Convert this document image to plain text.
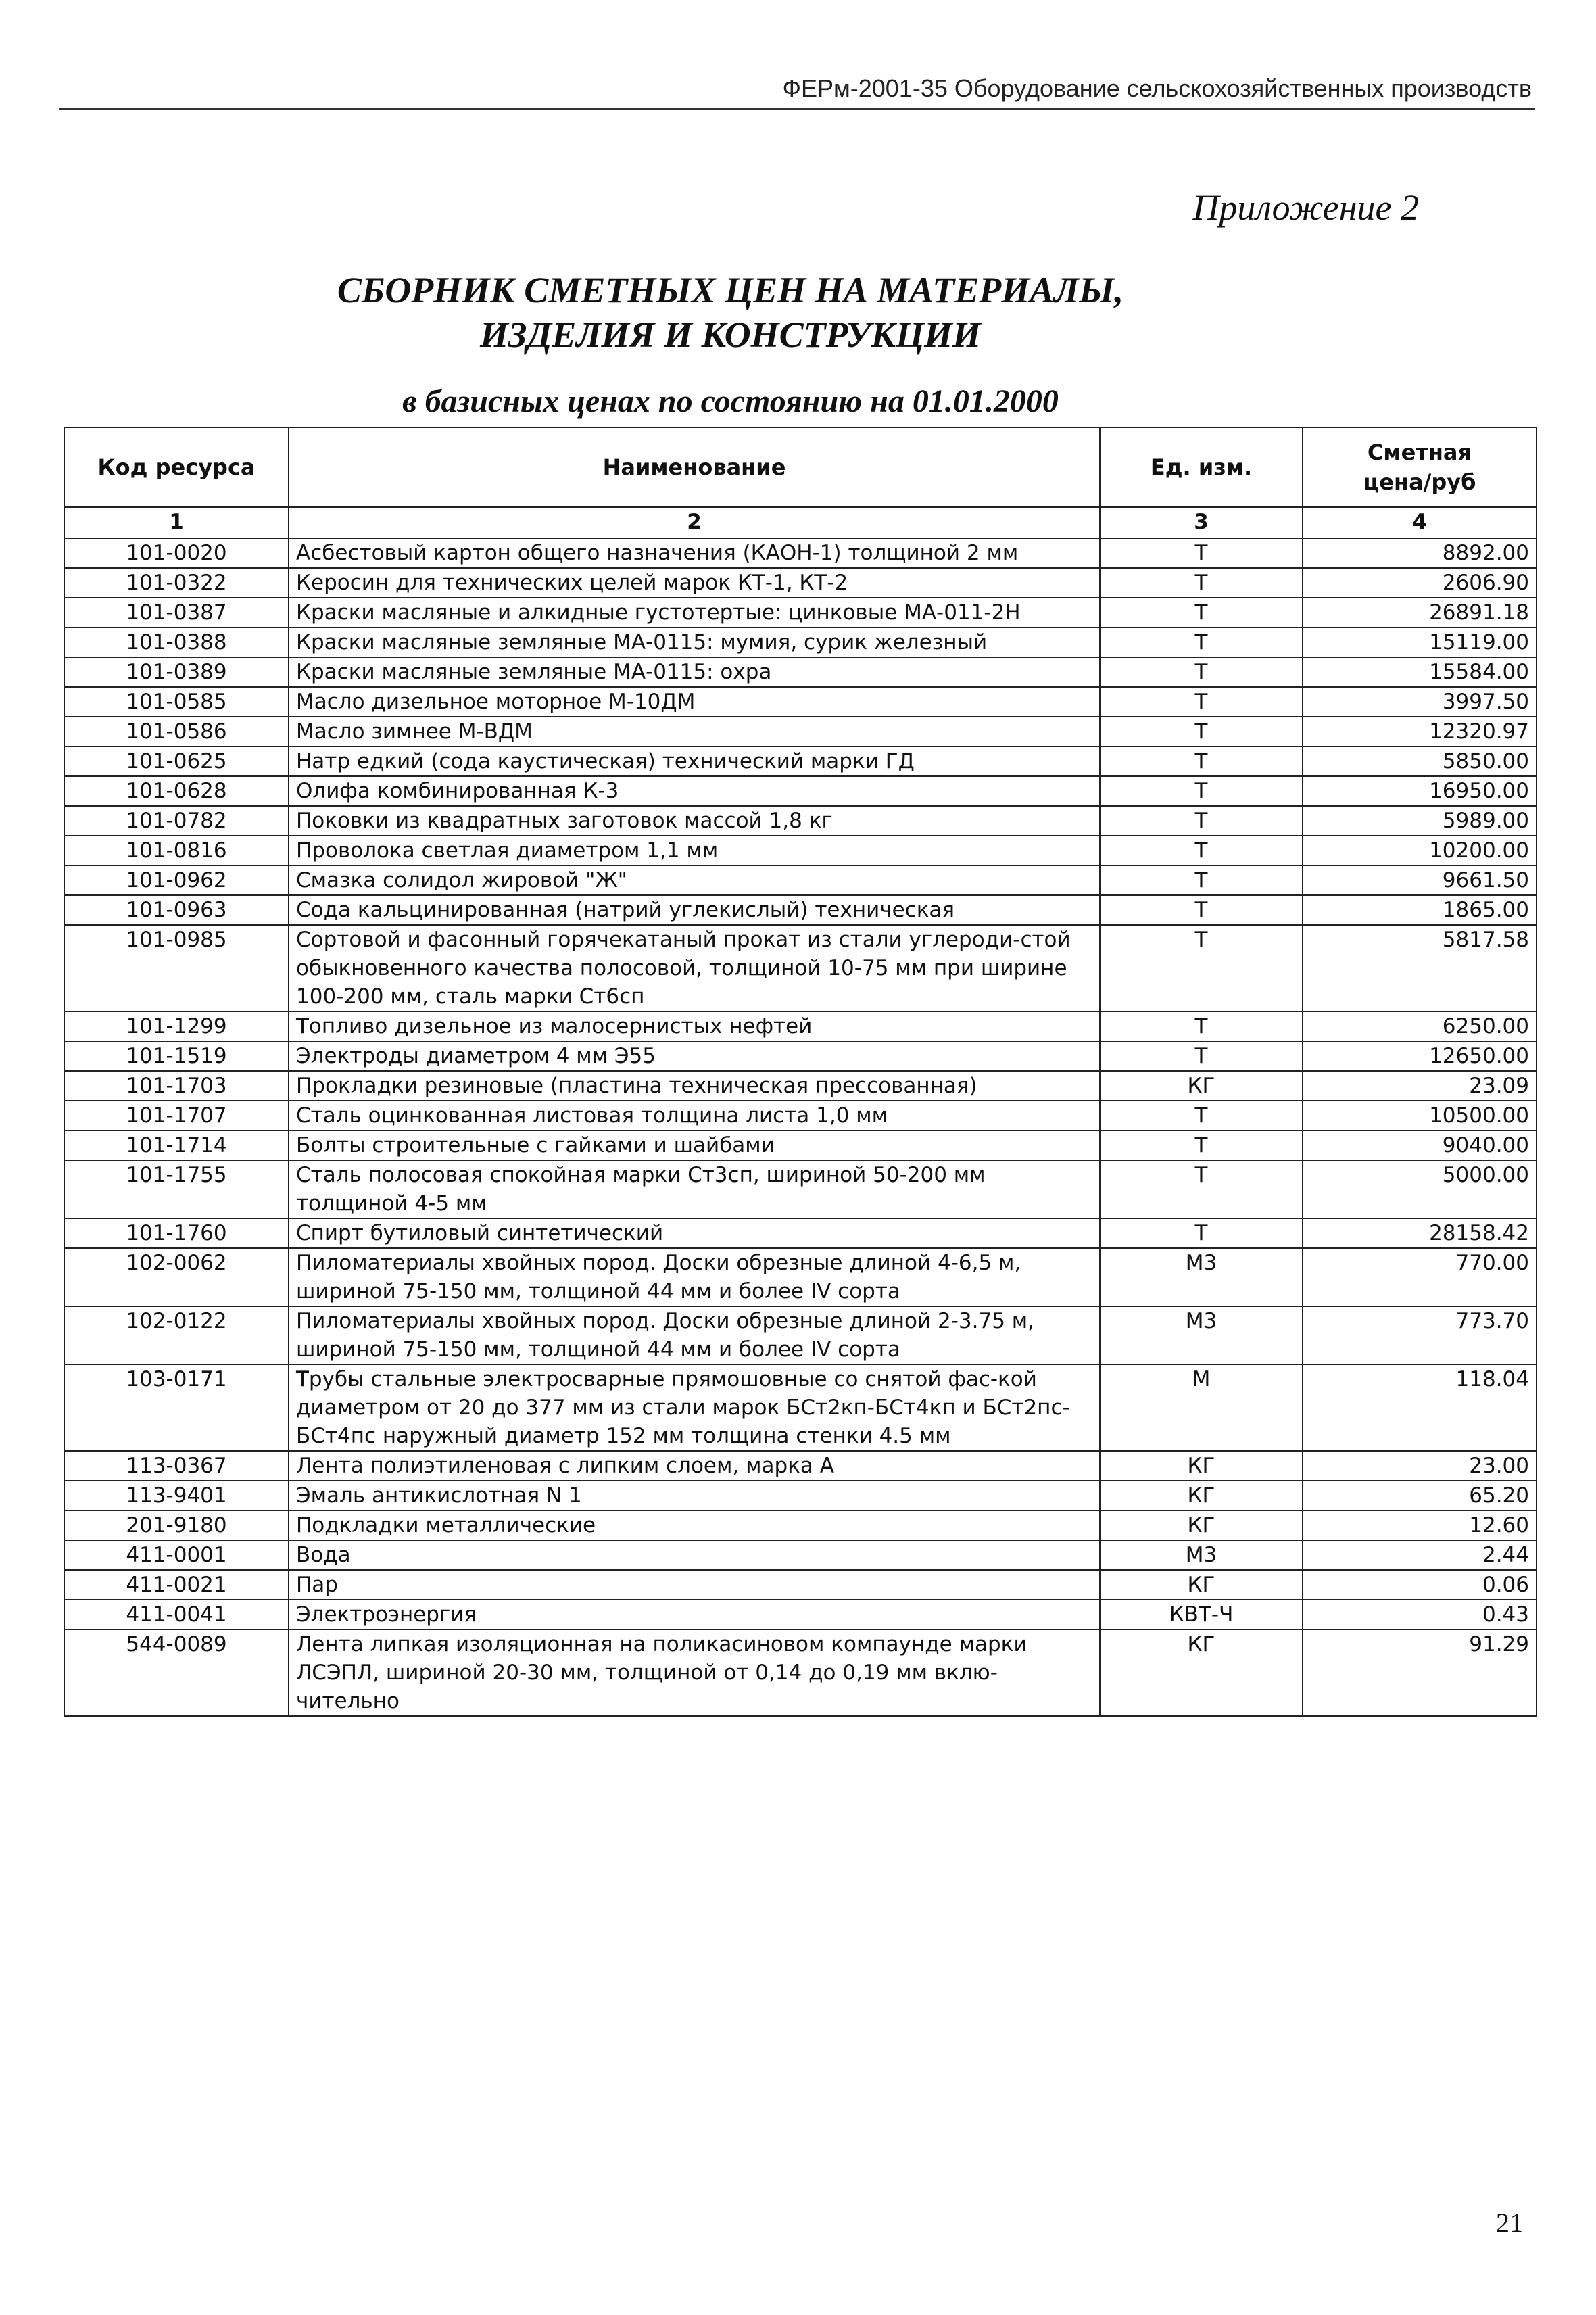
ФЕРм-2001-35 Оборудование сельскохозяйственных производств
Приложение 2
СБОРНИК СМЕТНЫХ ЦЕН НА МАТЕРИАЛЫ,
ИЗДЕЛИЯ И КОНСТРУКЦИИ
в базисных ценах по состоянию на 01.01.2000
Код ресурса	Наименование	Ед. изм.	Сметная цена/руб
1	2	3	4
101-0020	Асбестовый картон общего назначения (КАОН-1) толщиной 2 мм	Т	8892.00
101-0322	Керосин для технических целей марок КТ-1, КТ-2	Т	2606.90
101-0387	Краски масляные и алкидные густотертые: цинковые МА-011-2Н	Т	26891.18
101-0388	Краски масляные земляные МА-0115: мумия, сурик железный	Т	15119.00
101-0389	Краски масляные земляные МА-0115: охра	Т	15584.00
101-0585	Масло дизельное моторное М-10ДМ	Т	3997.50
101-0586	Масло зимнее М-ВДМ	Т	12320.97
101-0625	Натр едкий (сода каустическая) технический марки ГД	Т	5850.00
101-0628	Олифа комбинированная К-3	Т	16950.00
101-0782	Поковки из квадратных заготовок массой 1,8 кг	Т	5989.00
101-0816	Проволока светлая диаметром 1,1 мм	Т	10200.00
101-0962	Смазка солидол жировой "Ж"	Т	9661.50
101-0963	Сода кальцинированная (натрий углекислый) техническая	Т	1865.00
101-0985	Сортовой и фасонный горячекатаный прокат из стали углероди-стой обыкновенного качества полосовой, толщиной 10-75 мм при ширине 100-200 мм, сталь марки Ст6сп	Т	5817.58
101-1299	Топливо дизельное из малосернистых нефтей	Т	6250.00
101-1519	Электроды диаметром 4 мм Э55	Т	12650.00
101-1703	Прокладки резиновые (пластина техническая прессованная)	КГ	23.09
101-1707	Сталь оцинкованная листовая толщина листа 1,0 мм	Т	10500.00
101-1714	Болты строительные с гайками и шайбами	Т	9040.00
101-1755	Сталь полосовая спокойная марки Ст3сп, шириной 50-200 мм толщиной 4-5 мм	Т	5000.00
101-1760	Спирт бутиловый синтетический	Т	28158.42
102-0062	Пиломатериалы хвойных пород. Доски обрезные длиной 4-6,5 м, шириной 75-150 мм, толщиной 44 мм и более IV сорта	М3	770.00
102-0122	Пиломатериалы хвойных пород. Доски обрезные длиной 2-3.75 м, шириной 75-150 мм, толщиной 44 мм и более IV сорта	М3	773.70
103-0171	Трубы стальные электросварные прямошовные со снятой фас-кой диаметром от 20 до 377 мм из стали марок БСт2кп-БСт4кп и БСт2пс-БСт4пс наружный диаметр 152 мм толщина стенки 4.5 мм	М	118.04
113-0367	Лента полиэтиленовая с липким слоем, марка А	КГ	23.00
113-9401	Эмаль антикислотная N 1	КГ	65.20
201-9180	Подкладки металлические	КГ	12.60
411-0001	Вода	М3	2.44
411-0021	Пар	КГ	0.06
411-0041	Электроэнергия	КВТ-Ч	0.43
544-0089	Лента липкая изоляционная на поликасиновом компаунде марки ЛСЭПЛ, шириной 20-30 мм, толщиной от 0,14 до 0,19 мм вклю-чительно	КГ	91.29
21
